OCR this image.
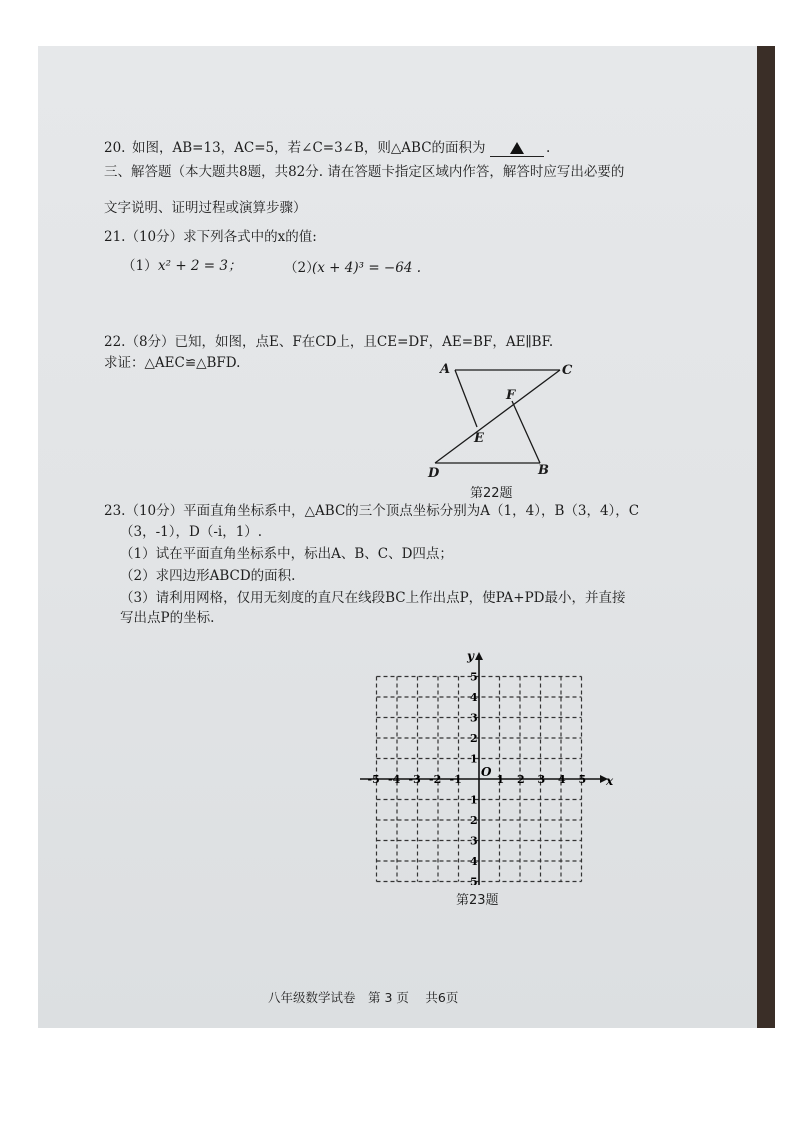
20. 如图，AB=13，AC=5，若∠C=3∠B，则△ABC的面积为	.
三、解答题（本大题共8题，共82分. 请在答题卡指定区域内作答，解答时应写出必要的
文字说明、证明过程或演算步骤）
21.（10分）求下列各式中的x的值:
（1） x² + 2 = 3；	（2）
(x + 4)³ = −64 .
22.（8分）已知，如图，点E、F在CD上，且CE=DF，AE=BF，AE∥BF.
求证：△AEC≌△BFD.	A	C
F
E
D	B
第22题
23.（10分）平面直角坐标系中，△ABC的三个顶点坐标分别为A（1，4），B（3，4），C
（3，-1），D（-i，1）.
（1）试在平面直角坐标系中，标出A、B、C、D四点；
（2）求四边形ABCD的面积.
（3）请利用网格，仅用无刻度的直尺在线段BC上作出点P，使PA+PD最小，并直接
写出点P的坐标.
x
y
O
-5 -4 -3 -2 -1	1 2 3 4 5
5
4
3
2
1
1
2
3
4
5
第23题
八年级数学试卷　第 3 页　 共6页
